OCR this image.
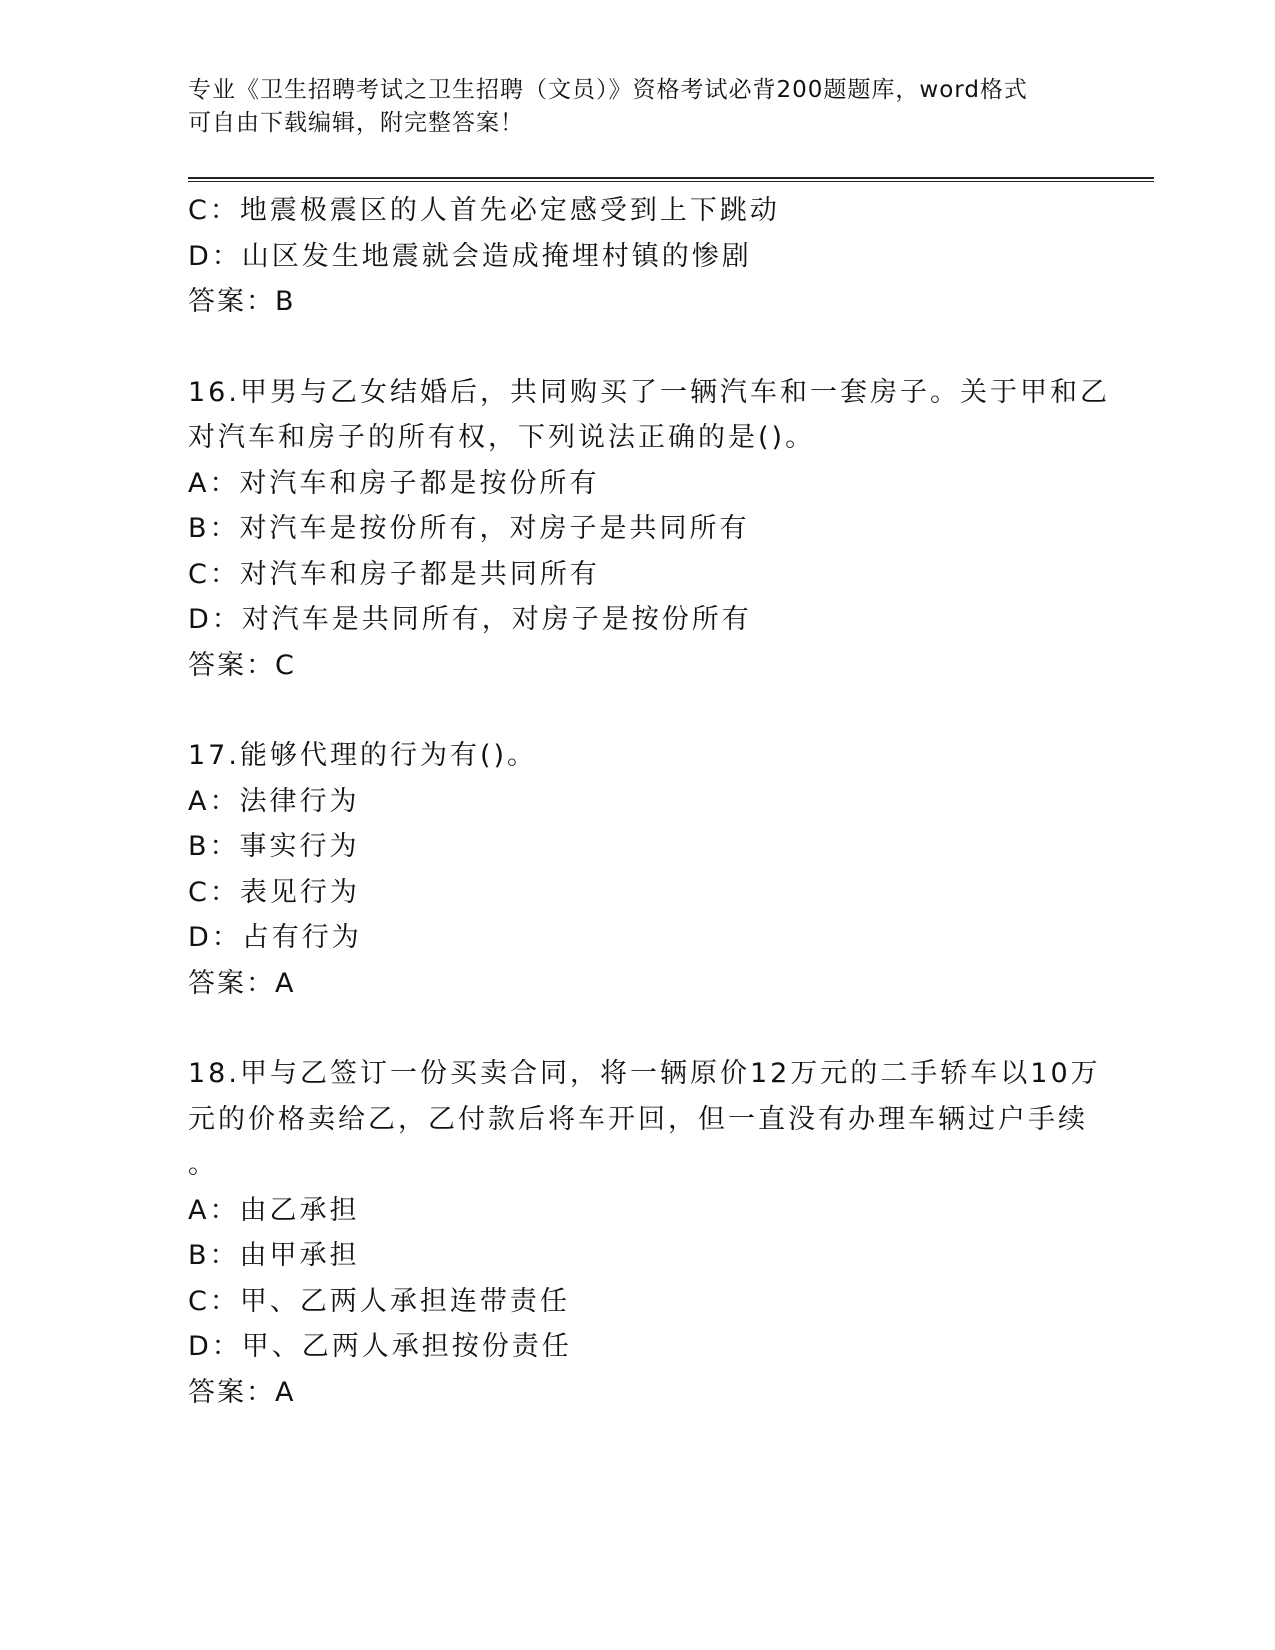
专业《卫生招聘考试之卫生招聘（文员）》资格考试必背200题题库，word格式
可自由下载编辑，附完整答案！
C：地震极震区的人首先必定感受到上下跳动
D：山区发生地震就会造成掩埋村镇的惨剧
答案：B
16.甲男与乙女结婚后，共同购买了一辆汽车和一套房子。关于甲和乙
对汽车和房子的所有权，下列说法正确的是()。
A：对汽车和房子都是按份所有
B：对汽车是按份所有，对房子是共同所有
C：对汽车和房子都是共同所有
D：对汽车是共同所有，对房子是按份所有
答案：C
17.能够代理的行为有()。
A：法律行为
B：事实行为
C：表见行为
D：占有行为
答案：A
18.甲与乙签订一份买卖合同，将一辆原价12万元的二手轿车以10万
元的价格卖给乙，乙付款后将车开回，但一直没有办理车辆过户手续
。
A：由乙承担
B：由甲承担
C：甲、乙两人承担连带责任
D：甲、乙两人承担按份责任
答案：A
